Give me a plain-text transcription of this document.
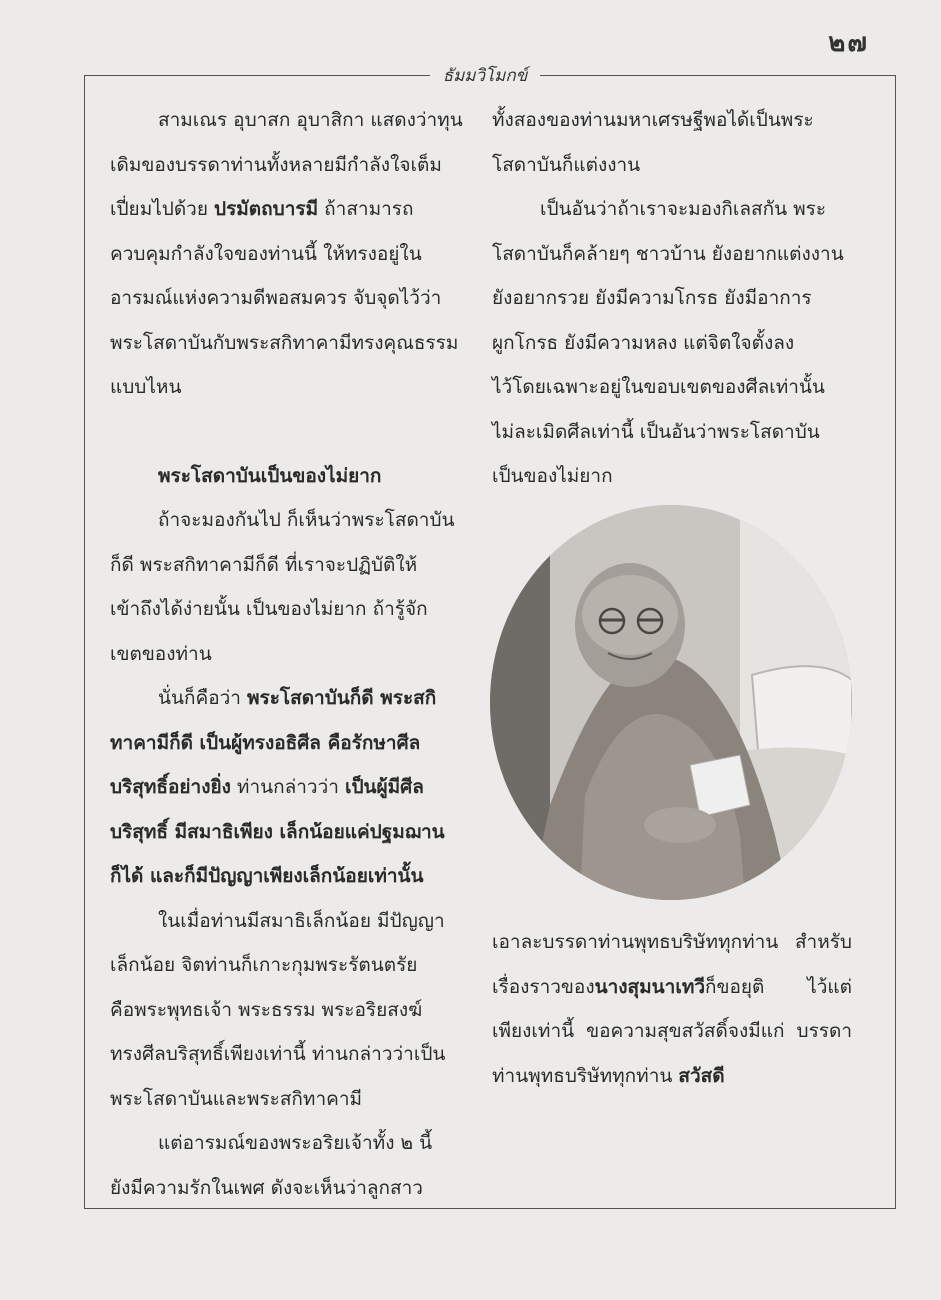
๒๗
ธัมมวิโมกข์

สามเณร อุบาสก อุบาสิกา แสดงว่าทุน
เดิมของบรรดาท่านทั้งหลายมีกำลังใจเต็ม
เปี่ยมไปด้วย ปรมัตถบารมี ถ้าสามารถ
ควบคุมกำลังใจของท่านนี้ ให้ทรงอยู่ใน
อารมณ์แห่งความดีพอสมควร จับจุดไว้ว่า
พระโสดาบันกับพระสกิทาคามีทรงคุณธรรม
แบบไหน

พระโสดาบันเป็นของไม่ยาก

ถ้าจะมองกันไป ก็เห็นว่าพระโสดาบัน
ก็ดี พระสกิทาคามีก็ดี ที่เราจะปฏิบัติให้
เข้าถึงได้ง่ายนั้น เป็นของไม่ยาก ถ้ารู้จัก
เขตของท่าน

นั่นก็คือว่า พระโสดาบันก็ดี พระสกิ
ทาคามีก็ดี เป็นผู้ทรงอธิศีล คือรักษาศีล
บริสุทธิ์อย่างยิ่ง ท่านกล่าวว่า เป็นผู้มีศีล
บริสุทธิ์ มีสมาธิเพียง เล็กน้อยแค่ปฐมฌาน
ก็ได้ และก็มีปัญญาเพียงเล็กน้อยเท่านั้น

ในเมื่อท่านมีสมาธิเล็กน้อย มีปัญญา
เล็กน้อย จิตท่านก็เกาะกุมพระรัตนตรัย
คือพระพุทธเจ้า พระธรรม พระอริยสงฆ์
ทรงศีลบริสุทธิ์เพียงเท่านี้ ท่านกล่าวว่าเป็น
พระโสดาบันและพระสกิทาคามี

แต่อารมณ์ของพระอริยเจ้าทั้ง ๒ นี้
ยังมีความรักในเพศ ดังจะเห็นว่าลูกสาว

ทั้งสองของท่านมหาเศรษฐีพอได้เป็นพระ
โสดาบันก็แต่งงาน

เป็นอันว่าถ้าเราจะมองกิเลสกัน พระ
โสดาบันก็คล้ายๆ ชาวบ้าน ยังอยากแต่งงาน
ยังอยากรวย ยังมีความโกรธ ยังมีอาการ
ผูกโกรธ ยังมีความหลง แต่จิตใจตั้งลง
ไว้โดยเฉพาะอยู่ในขอบเขตของศีลเท่านั้น
ไม่ละเมิดศีลเท่านี้ เป็นอันว่าพระโสดาบัน
เป็นของไม่ยาก

เอาละบรรดาท่านพุทธบริษัททุกท่าน สำหรับเรื่องราวของนางสุมนาเทวีก็ขอยุติ ไว้แต่เพียงเท่านี้ ขอความสุขสวัสดิ์จงมีแก่ บรรดาท่านพุทธบริษัททุกท่าน สวัสดี
